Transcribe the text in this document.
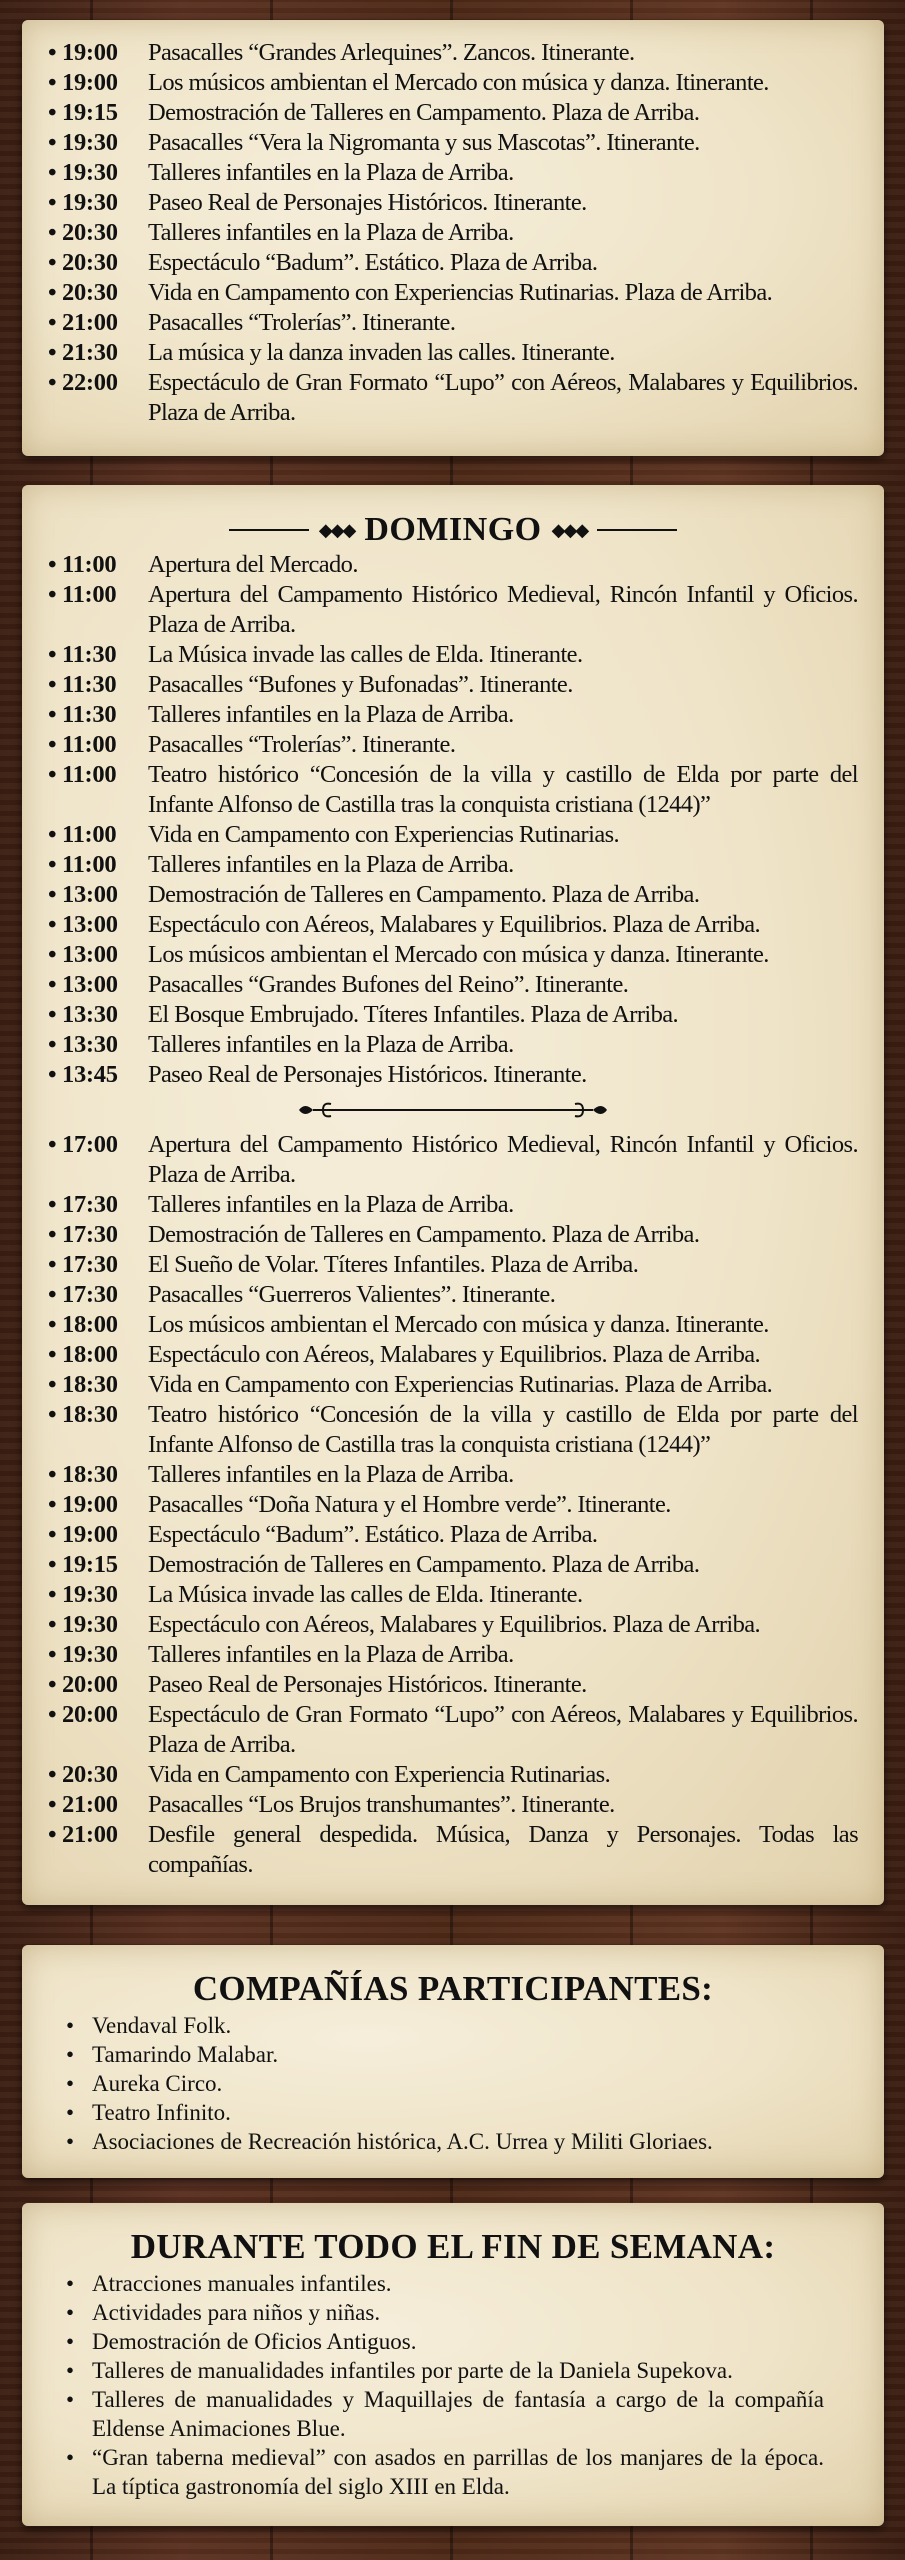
• 19:00	Pasacalles “Grandes Arlequines”. Zancos. Itinerante.
• 19:00	Los músicos ambientan el Mercado con música y danza. Itinerante.
• 19:15	Demostración de Talleres en Campamento. Plaza de Arriba.
• 19:30	Pasacalles “Vera la Nigromanta y sus Mascotas”. Itinerante.
• 19:30	Talleres infantiles en la Plaza de Arriba.
• 19:30	Paseo Real de Personajes Históricos. Itinerante.
• 20:30	Talleres infantiles en la Plaza de Arriba.
• 20:30	Espectáculo “Badum”. Estático. Plaza de Arriba.
• 20:30	Vida en Campamento con Experiencias Rutinarias. Plaza de Arriba.
• 21:00	Pasacalles “Trolerías”. Itinerante.
• 21:30	La música y la danza invaden las calles. Itinerante.
• 22:00	Espectáculo de Gran Formato “Lupo” con Aéreos, Malabares y Equilibrios. Plaza de Arriba.
◆◆◆ DOMINGO ◆◆◆
• 11:00	Apertura del Mercado.
• 11:00	Apertura del Campamento Histórico Medieval, Rincón Infantil y Oficios. Plaza de Arriba.
• 11:30	La Música invade las calles de Elda. Itinerante.
• 11:30	Pasacalles “Bufones y Bufonadas”. Itinerante.
• 11:30	Talleres infantiles en la Plaza de Arriba.
• 11:00	Pasacalles “Trolerías”. Itinerante.
• 11:00	Teatro histórico “Concesión de la villa y castillo de Elda por parte del Infante Alfonso de Castilla tras la conquista cristiana (1244)”
• 11:00	Vida en Campamento con Experiencias Rutinarias.
• 11:00	Talleres infantiles en la Plaza de Arriba.
• 13:00	Demostración de Talleres en Campamento. Plaza de Arriba.
• 13:00	Espectáculo con Aéreos, Malabares y Equilibrios. Plaza de Arriba.
• 13:00	Los músicos ambientan el Mercado con música y danza. Itinerante.
• 13:00	Pasacalles “Grandes Bufones del Reino”. Itinerante.
• 13:30	El Bosque Embrujado. Títeres Infantiles. Plaza de Arriba.
• 13:30	Talleres infantiles en la Plaza de Arriba.
• 13:45	Paseo Real de Personajes Históricos. Itinerante.
• 17:00	Apertura del Campamento Histórico Medieval, Rincón Infantil y Oficios. Plaza de Arriba.
• 17:30	Talleres infantiles en la Plaza de Arriba.
• 17:30	Demostración de Talleres en Campamento. Plaza de Arriba.
• 17:30	El Sueño de Volar. Títeres Infantiles. Plaza de Arriba.
• 17:30	Pasacalles “Guerreros Valientes”. Itinerante.
• 18:00	Los músicos ambientan el Mercado con música y danza. Itinerante.
• 18:00	Espectáculo con Aéreos, Malabares y Equilibrios. Plaza de Arriba.
• 18:30	Vida en Campamento con Experiencias Rutinarias. Plaza de Arriba.
• 18:30	Teatro histórico “Concesión de la villa y castillo de Elda por parte del Infante Alfonso de Castilla tras la conquista cristiana (1244)”
• 18:30	Talleres infantiles en la Plaza de Arriba.
• 19:00	Pasacalles “Doña Natura y el Hombre verde”. Itinerante.
• 19:00	Espectáculo “Badum”. Estático. Plaza de Arriba.
• 19:15	Demostración de Talleres en Campamento. Plaza de Arriba.
• 19:30	La Música invade las calles de Elda. Itinerante.
• 19:30	Espectáculo con Aéreos, Malabares y Equilibrios. Plaza de Arriba.
• 19:30	Talleres infantiles en la Plaza de Arriba.
• 20:00	Paseo Real de Personajes Históricos. Itinerante.
• 20:00	Espectáculo de Gran Formato “Lupo” con Aéreos, Malabares y Equilibrios. Plaza de Arriba.
• 20:30	Vida en Campamento con Experiencia Rutinarias.
• 21:00	Pasacalles “Los Brujos transhumantes”. Itinerante.
• 21:00	Desfile general despedida. Música, Danza y Personajes. Todas las compañías.
COMPAÑÍAS PARTICIPANTES:
• Vendaval Folk.
• Tamarindo Malabar.
• Aureka Circo.
• Teatro Infinito.
• Asociaciones de Recreación histórica, A.C. Urrea y Militi Gloriaes.
DURANTE TODO EL FIN DE SEMANA:
• Atracciones manuales infantiles.
• Actividades para niños y niñas.
• Demostración de Oficios Antiguos.
• Talleres de manualidades infantiles por parte de la Daniela Supekova.
• Talleres de manualidades y Maquillajes de fantasía a cargo de la compañía Eldense Animaciones Blue.
• “Gran taberna medieval” con asados en parrillas de los manjares de la época. La típtica gastronomía del siglo XIII en Elda.
